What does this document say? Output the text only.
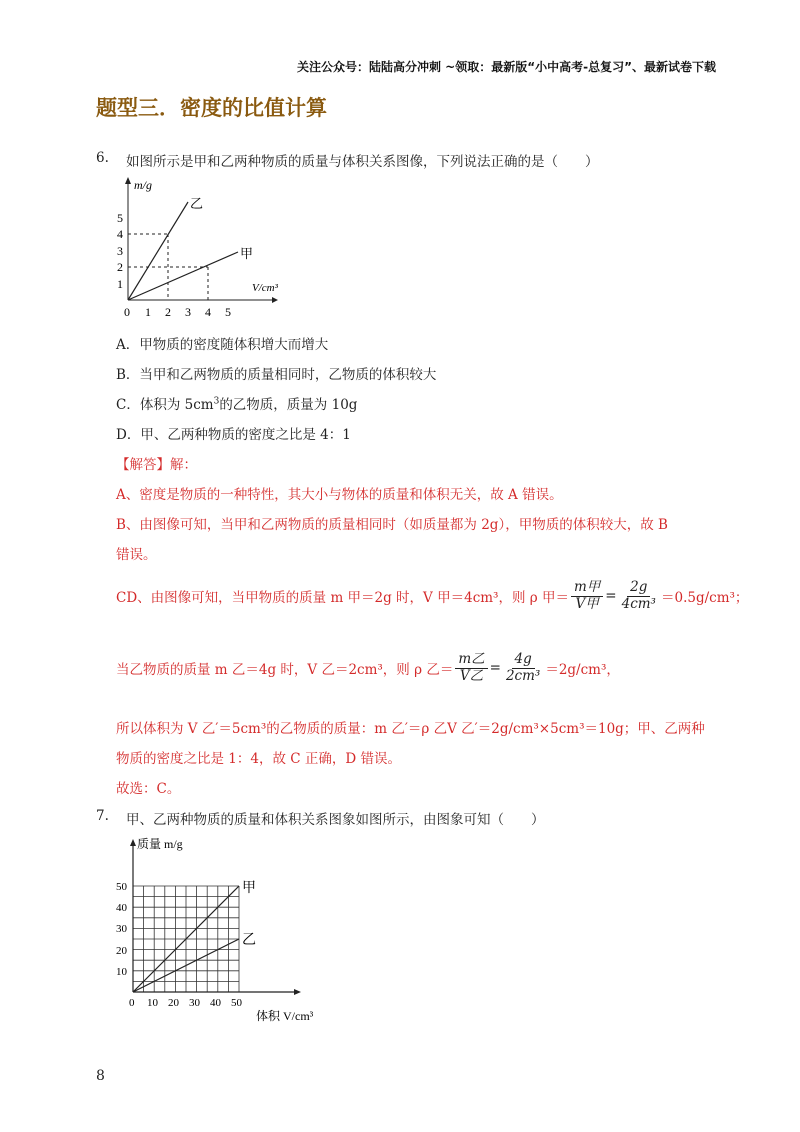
关注公众号：陆陆高分冲刺 ~领取：最新版“小中高考-总复习”、最新试卷下载
题型三．密度的比值计算
6. 如图所示是甲和乙两种物质的质量与体积关系图像，下列说法正确的是（　　）
m/g
V/cm³
乙
甲
5
4
3
2
1
0 1 2 3 4 5
A．甲物质的密度随体积增大而增大
B．当甲和乙两物质的质量相同时，乙物质的体积较大
C．体积为 $5cm^3$的乙物质，质量为 10g
D．甲、乙两种物质的密度之比是 4：1
【解答】解：
A、密度是物质的一种特性，其大小与物体的质量和体积无关，故 A 错误。
B、由图像可知，当甲和乙两物质的质量相同时（如质量都为 2g），甲物质的体积较大，故 B
错误。
CD、由图像可知，当甲物质的质量 m 甲＝2g 时，V 甲＝4cm³，则 ρ 甲＝ $\frac{\text{m甲}}{\text{V甲}} = \frac{2g}{\text{4cm³}} =0.5g/cm^3$；
当乙物质的质量 m 乙＝4g 时，V 乙＝2cm³，则 ρ 乙＝ $\frac{\text{m乙}}{\text{V乙}} = \frac{4g}{\text{2cm³}} =2g/cm^3$，
所以体积为 V 乙′＝5cm³的乙物质的质量：m 乙′＝ρ 乙V 乙′＝2g/cm³×5cm³＝10g；甲、乙两种
物质的密度之比是 1：4，故 C 正确，D 错误。
故选：C。
7. 甲、乙两种物质的质量和体积关系图象如图所示，由图象可知（　　）
质量 m/g
体积 V/cm³
甲
乙
50
40
30
20
10
0 10 20 30 40 50
8
